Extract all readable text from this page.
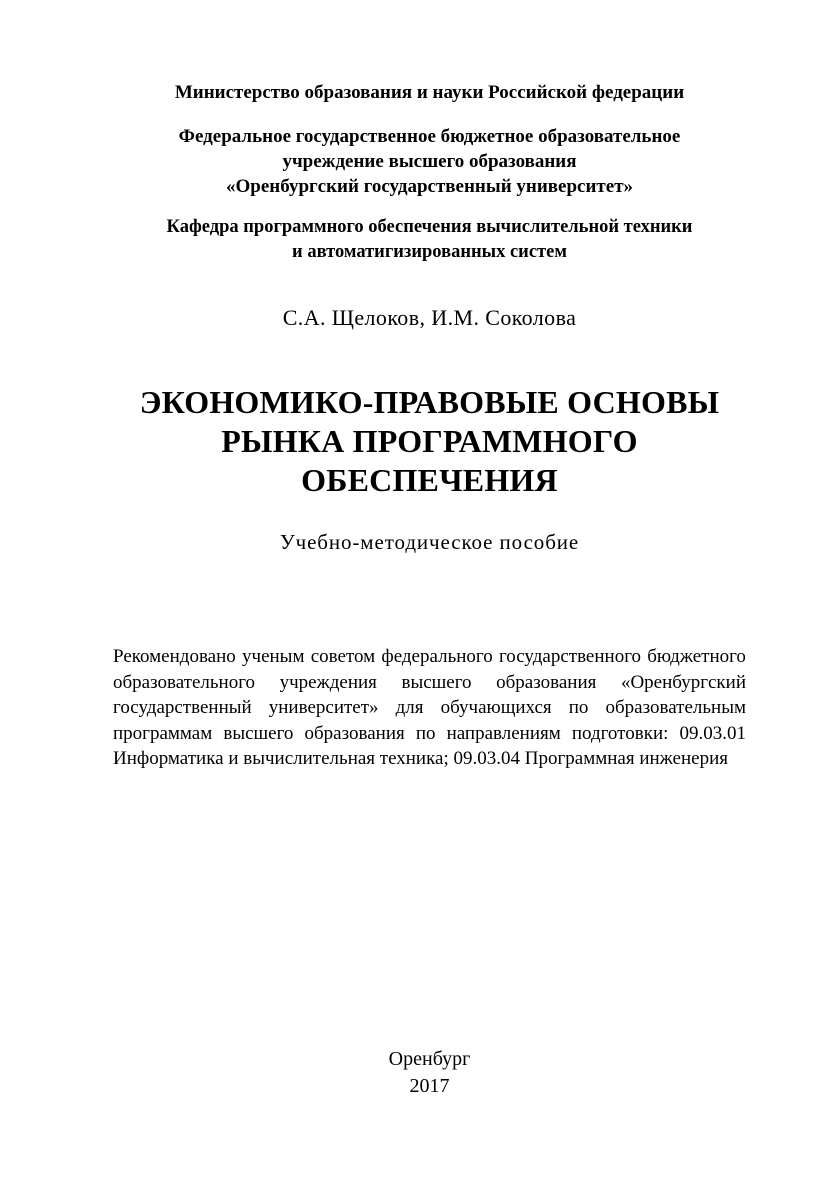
Министерство образования и науки Российской федерации
Федеральное государственное бюджетное образовательное
учреждение высшего образования
«Оренбургский государственный университет»
Кафедра программного обеспечения вычислительной техники
и автоматигизированных систем
С.А. Щелоков, И.М. Соколова
ЭКОНОМИКО-ПРАВОВЫЕ ОСНОВЫ
РЫНКА ПРОГРАММНОГО
ОБЕСПЕЧЕНИЯ
Учебно-методическое пособие
Рекомендовано ученым советом федерального государственного бюджетного
образовательного учреждения высшего образования «Оренбургский
государственный университет» для обучающихся по образовательным
программам высшего образования по направлениям подготовки: 09.03.01
Информатика и вычислительная техника; 09.03.04 Программная инженерия
Оренбург
2017
